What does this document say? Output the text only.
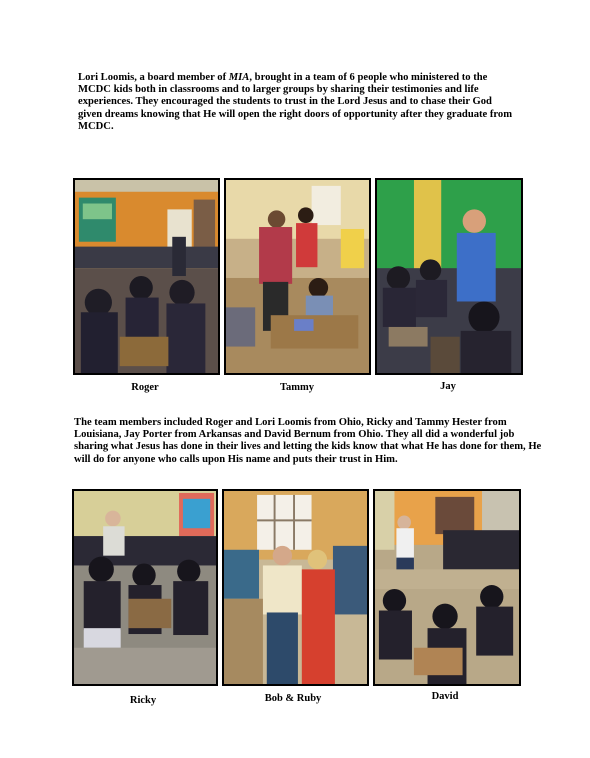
Lori Loomis, a board member of MIA, brought in a team of 6 people who ministered to the MCDC kids both in classrooms and to larger groups by sharing their testimonies and life experiences. They encouraged the students to trust in the Lord Jesus and to chase their God given dreams knowing that He will open the right doors of opportunity after they graduate from MCDC.

Roger	Tammy	Jay

The team members included Roger and Lori Loomis from Ohio, Ricky and Tammy Hester from Louisiana, Jay Porter from Arkansas and David Bernum from Ohio. They all did a wonderful job sharing what Jesus has done in their lives and letting the kids know that what He has done for them, He will do for anyone who calls upon His name and puts their trust in Him.

Ricky	Bob & Ruby	David
